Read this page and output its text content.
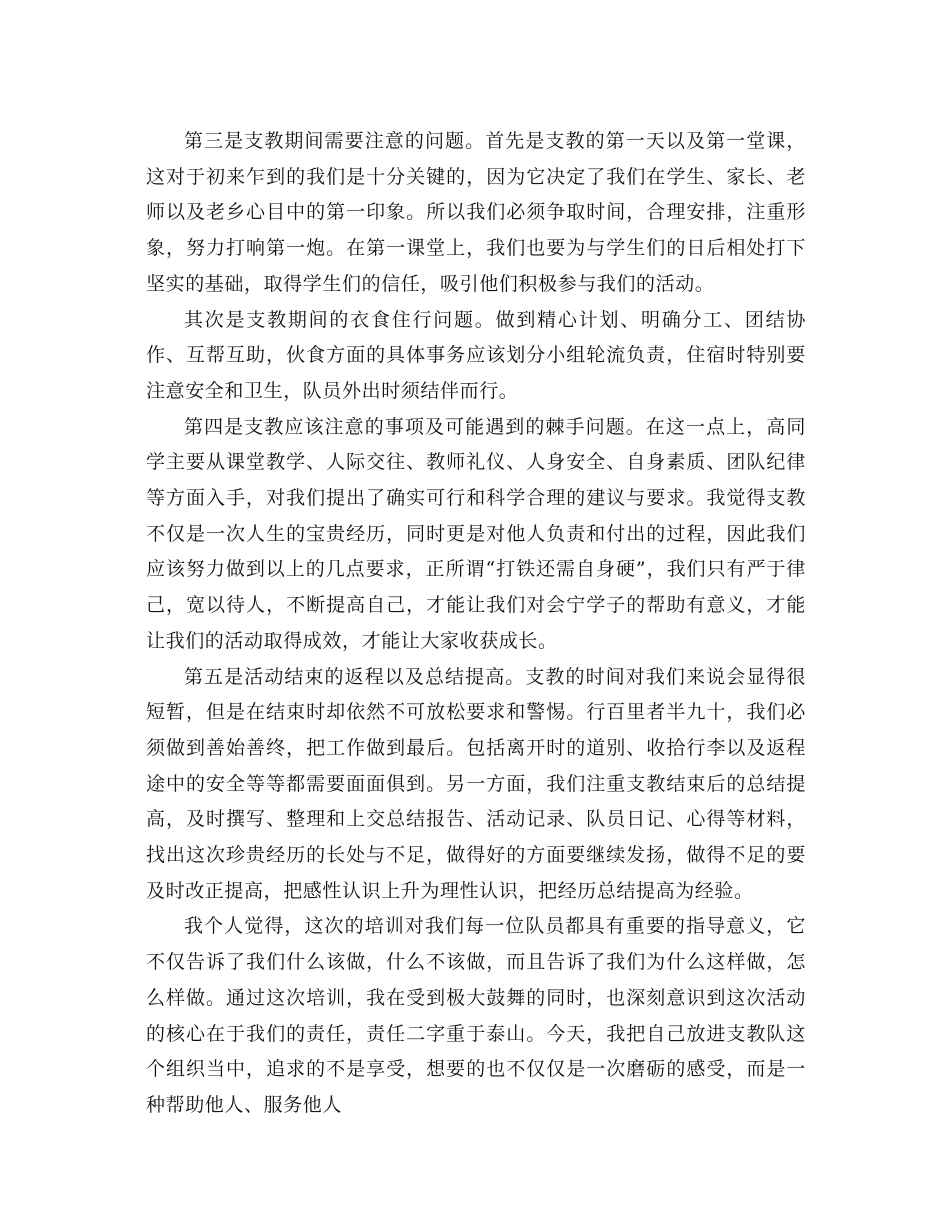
第三是支教期间需要注意的问题。首先是支教的第一天以及第一堂课，这对于初来乍到的我们是十分关键的，因为它决定了我们在学生、家长、老师以及老乡心目中的第一印象。所以我们必须争取时间，合理安排，注重形象，努力打响第一炮。在第一课堂上，我们也要为与学生们的日后相处打下坚实的基础，取得学生们的信任，吸引他们积极参与我们的活动。

其次是支教期间的衣食住行问题。做到精心计划、明确分工、团结协作、互帮互助，伙食方面的具体事务应该划分小组轮流负责，住宿时特别要注意安全和卫生，队员外出时须结伴而行。

第四是支教应该注意的事项及可能遇到的棘手问题。在这一点上，高同学主要从课堂教学、人际交往、教师礼仪、人身安全、自身素质、团队纪律等方面入手，对我们提出了确实可行和科学合理的建议与要求。我觉得支教不仅是一次人生的宝贵经历，同时更是对他人负责和付出的过程，因此我们应该努力做到以上的几点要求，正所谓“打铁还需自身硬”，我们只有严于律己，宽以待人，不断提高自己，才能让我们对会宁学子的帮助有意义，才能让我们的活动取得成效，才能让大家收获成长。

第五是活动结束的返程以及总结提高。支教的时间对我们来说会显得很短暂，但是在结束时却依然不可放松要求和警惕。行百里者半九十，我们必须做到善始善终，把工作做到最后。包括离开时的道别、收拾行李以及返程途中的安全等等都需要面面俱到。另一方面，我们注重支教结束后的总结提高，及时撰写、整理和上交总结报告、活动记录、队员日记、心得等材料，找出这次珍贵经历的长处与不足，做得好的方面要继续发扬，做得不足的要及时改正提高，把感性认识上升为理性认识，把经历总结提高为经验。

我个人觉得，这次的培训对我们每一位队员都具有重要的指导意义，它不仅告诉了我们什么该做，什么不该做，而且告诉了我们为什么这样做，怎么样做。通过这次培训，我在受到极大鼓舞的同时，也深刻意识到这次活动的核心在于我们的责任，责任二字重于泰山。今天，我把自己放进支教队这个组织当中，追求的不是享受，想要的也不仅仅是一次磨砺的感受，而是一种帮助他人、服务他人
